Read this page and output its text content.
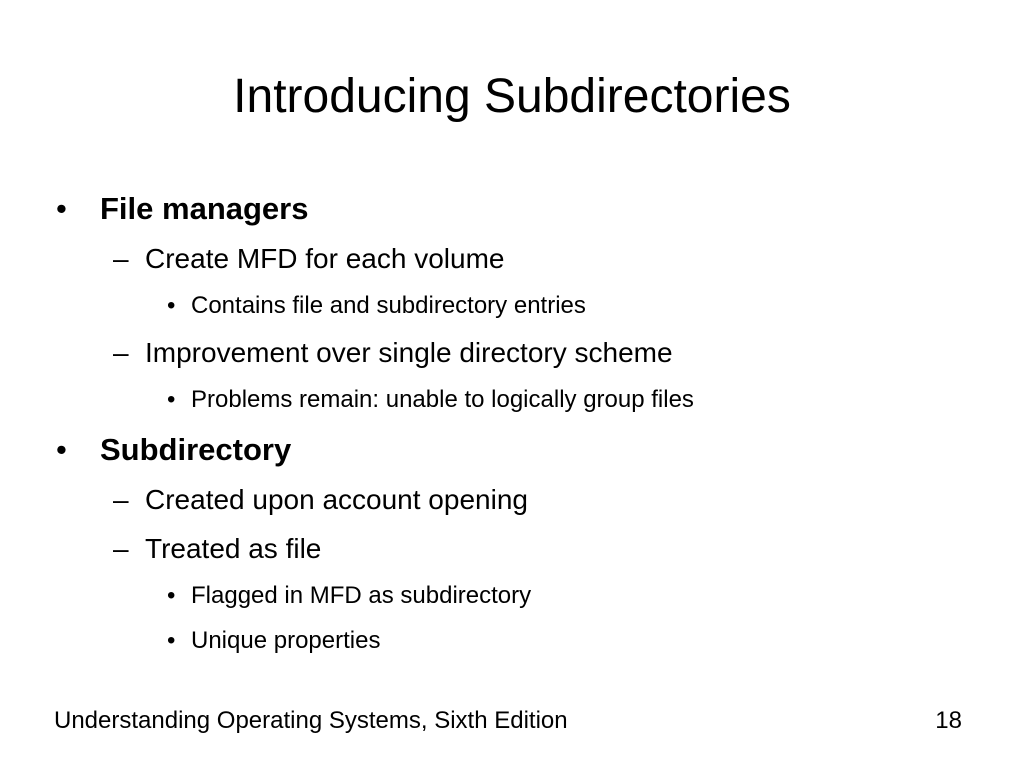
Introducing Subdirectories
•	File managers
– Create MFD for each volume
• Contains file and subdirectory entries
– Improvement over single directory scheme
• Problems remain: unable to logically group files
•	Subdirectory
– Created upon account opening
– Treated as file
• Flagged in MFD as subdirectory
• Unique properties
Understanding Operating Systems, Sixth Edition	18
